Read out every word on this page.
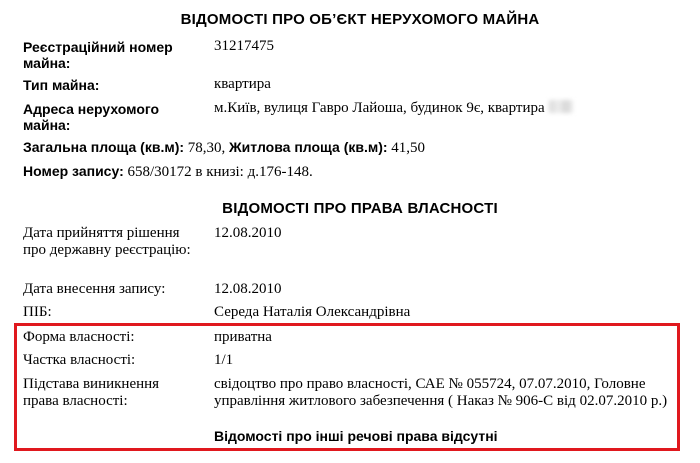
ВІДОМОСТІ ПРО ОБ’ЄКТ НЕРУХОМОГО МАЙНА
Реєстраційний номер майна:
31217475
Тип майна:	квартира
Адреса нерухомого майна:
м.Київ, вулиця Гавро Лайоша, будинок 9є, квартира
Загальна площа (кв.м): 78,30, Житлова площа (кв.м): 41,50
Номер запису: 658/30172 в книзі: д.176-148.
ВІДОМОСТІ ПРО ПРАВА ВЛАСНОСТІ
Дата прийняття рішення про державну реєстрацію:
12.08.2010
Дата внесення запису:	12.08.2010
ПІБ:	Середа Наталія Олександрівна
Форма власності:	приватна
Частка власності:	1/1
Підстава виникнення права власності:
свідоцтво про право власності, САЕ № 055724, 07.07.2010, Головне управління житлового забезпечення ( Наказ № 906-С від 02.07.2010 р.)
Відомості про інші речові права відсутні
